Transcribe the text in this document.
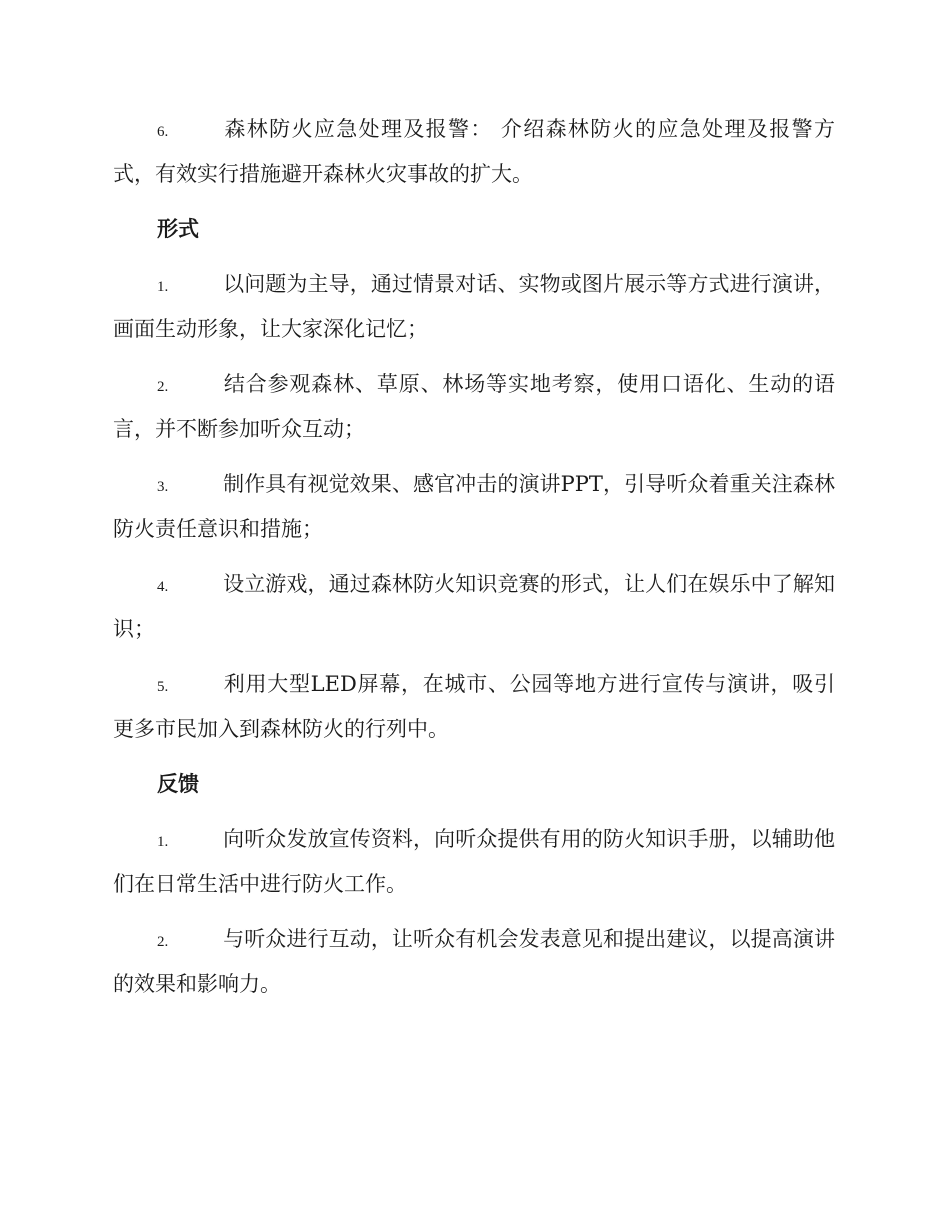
6.	森林防火应急处理及报警： 介绍森林防火的应急处理及报警方式，有效实行措施避开森林火灾事故的扩大。

形式

1.	以问题为主导，通过情景对话、实物或图片展示等方式进行演讲，画面生动形象，让大家深化记忆；

2.	结合参观森林、草原、林场等实地考察，使用口语化、生动的语言，并不断参加听众互动；

3.	制作具有视觉效果、感官冲击的演讲PPT，引导听众着重关注森林防火责任意识和措施；

4.	设立游戏，通过森林防火知识竞赛的形式，让人们在娱乐中了解知识；

5.	利用大型LED屏幕，在城市、公园等地方进行宣传与演讲，吸引更多市民加入到森林防火的行列中。

反馈

1.	向听众发放宣传资料，向听众提供有用的防火知识手册，以辅助他们在日常生活中进行防火工作。

2.	与听众进行互动，让听众有机会发表意见和提出建议，以提高演讲的效果和影响力。
